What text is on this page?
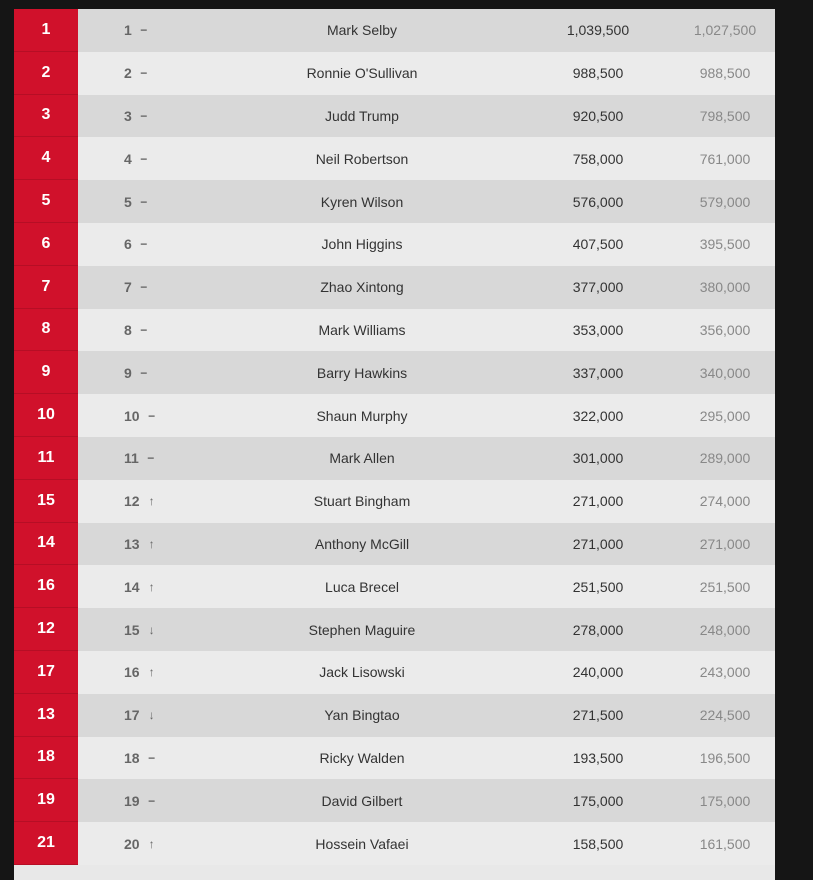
1	1 −	Mark Selby	1,039,500	1,027,500
2	2 −	Ronnie O'Sullivan	988,500	988,500
3	3 −	Judd Trump	920,500	798,500
4	4 −	Neil Robertson	758,000	761,000
5	5 −	Kyren Wilson	576,000	579,000
6	6 −	John Higgins	407,500	395,500
7	7 −	Zhao Xintong	377,000	380,000
8	8 −	Mark Williams	353,000	356,000
9	9 −	Barry Hawkins	337,000	340,000
10	10 −	Shaun Murphy	322,000	295,000
11	11 −	Mark Allen	301,000	289,000
15	12 ↑	Stuart Bingham	271,000	274,000
14	13 ↑	Anthony McGill	271,000	271,000
16	14 ↑	Luca Brecel	251,500	251,500
12	15 ↓	Stephen Maguire	278,000	248,000
17	16 ↑	Jack Lisowski	240,000	243,000
13	17 ↓	Yan Bingtao	271,500	224,500
18	18 −	Ricky Walden	193,500	196,500
19	19 −	David Gilbert	175,000	175,000
21	20 ↑	Hossein Vafaei	158,500	161,500
